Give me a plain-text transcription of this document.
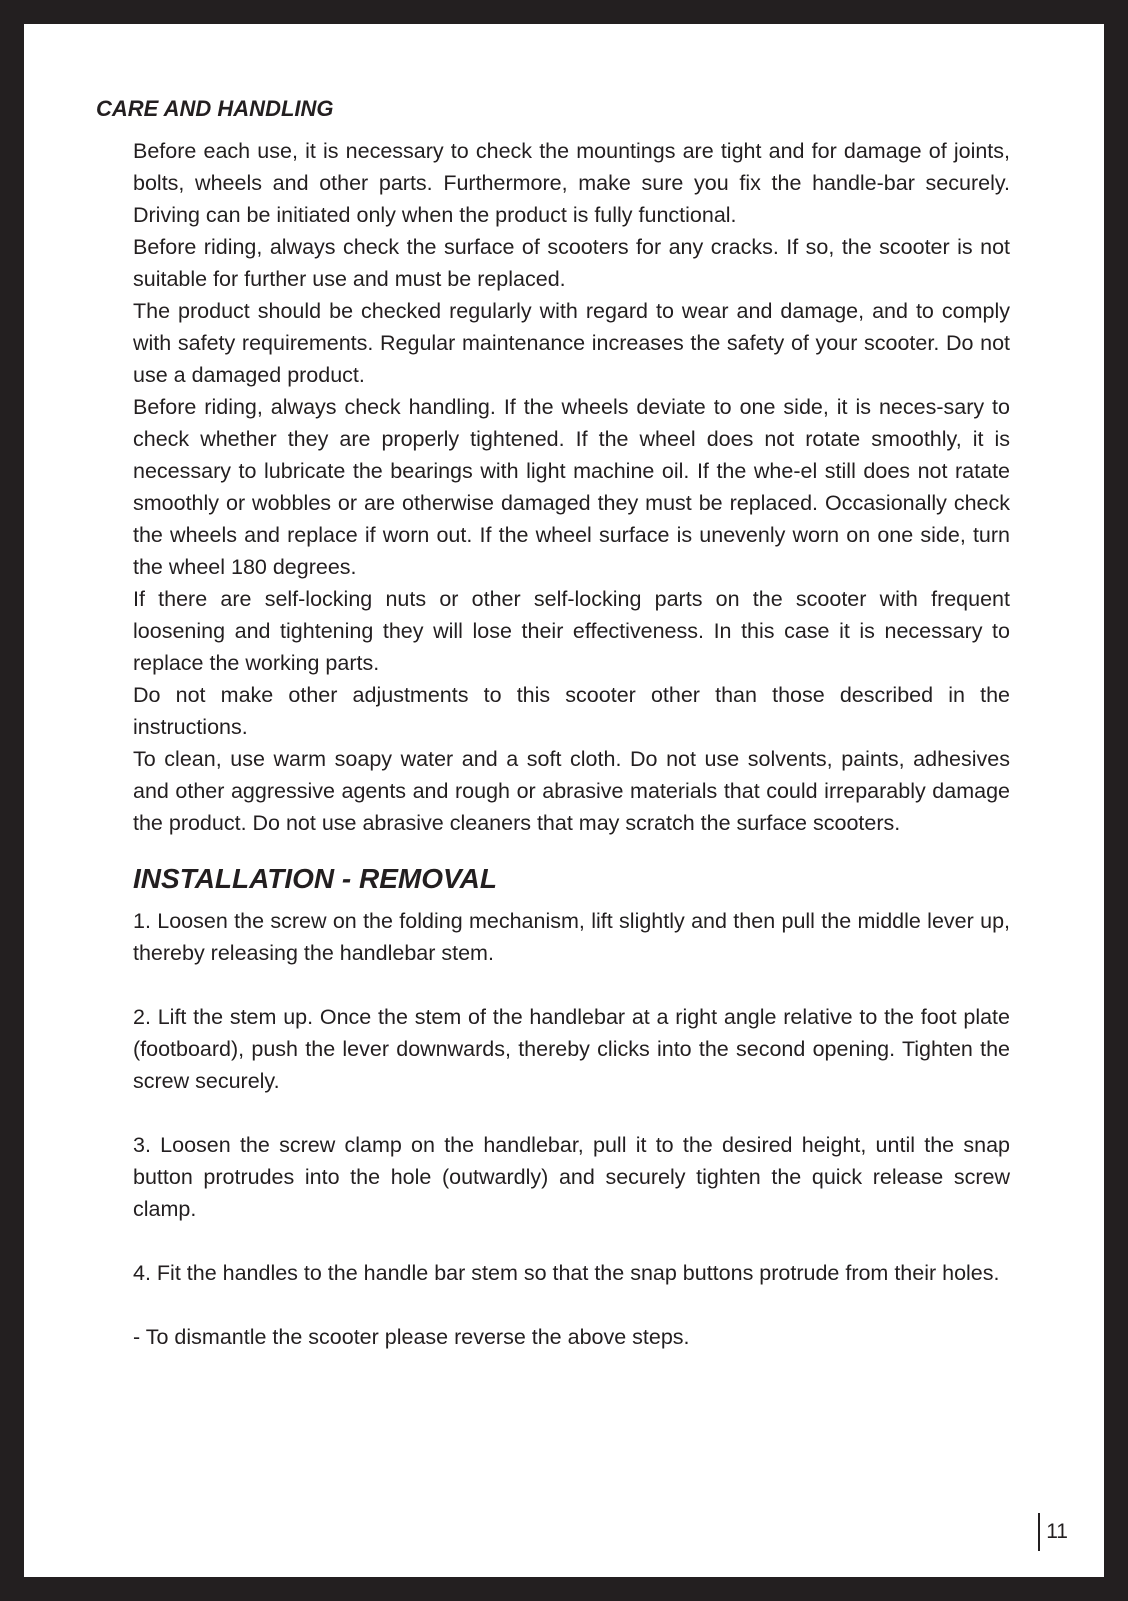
CARE AND HANDLING

Before each use, it is necessary to check the mountings are tight and for damage of joints, bolts, wheels and other parts. Furthermore, make sure you fix the handle-bar securely. Driving can be initiated only when the product is fully functional.

Before riding, always check the surface of scooters for any cracks. If so, the scooter is not suitable for further use and must be replaced.

The product should be checked regularly with regard to wear and damage, and to comply with safety requirements. Regular maintenance increases the safety of your scooter. Do not use a damaged product.

Before riding, always check handling. If the wheels deviate to one side, it is neces-sary to check whether they are properly tightened. If the wheel does not rotate smoothly, it is necessary to lubricate the bearings with light machine oil. If the whe-el still does not ratate smoothly or wobbles or are otherwise damaged they must be replaced. Occasionally check the wheels and replace if worn out. If the wheel surface is unevenly worn on one side, turn the wheel 180 degrees.

If there are self-locking nuts or other self-locking parts on the scooter with frequent loosening and tightening they will lose their effectiveness. In this case it is necessary to replace the working parts.

Do not make other adjustments to this scooter other than those described in the instructions.

To clean, use warm soapy water and a soft cloth. Do not use solvents, paints, adhesives and other aggressive agents and rough or abrasive materials that could irreparably damage the product. Do not use abrasive cleaners that may scratch the surface scooters.

INSTALLATION - REMOVAL

1. Loosen the screw on the folding mechanism, lift slightly and then pull the middle lever up, thereby releasing the handlebar stem.

2. Lift the stem up. Once the stem of the handlebar at a right angle relative to the foot plate (footboard), push the lever downwards, thereby clicks into the second opening. Tighten the screw securely.

3. Loosen the screw clamp on the handlebar, pull it to the desired height, until the snap button protrudes into the hole (outwardly) and securely tighten the quick release screw clamp.

4. Fit the handles to the handle bar stem so that the snap buttons protrude from their holes.

- To dismantle the scooter please reverse the above steps.

11
